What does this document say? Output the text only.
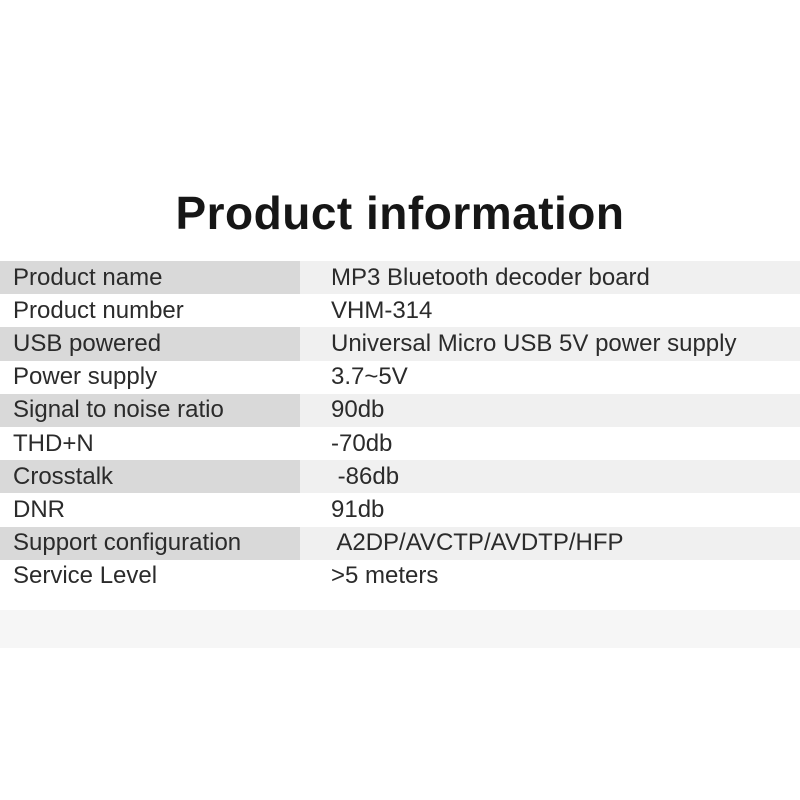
Product information
Product name	MP3 Bluetooth decoder board
Product number	VHM-314
USB powered	Universal Micro USB 5V power supply
Power supply	3.7~5V
Signal to noise ratio	90db
THD+N	-70db
Crosstalk	-86db
DNR	91db
Support configuration	A2DP/AVCTP/AVDTP/HFP
Service Level	>5 meters
